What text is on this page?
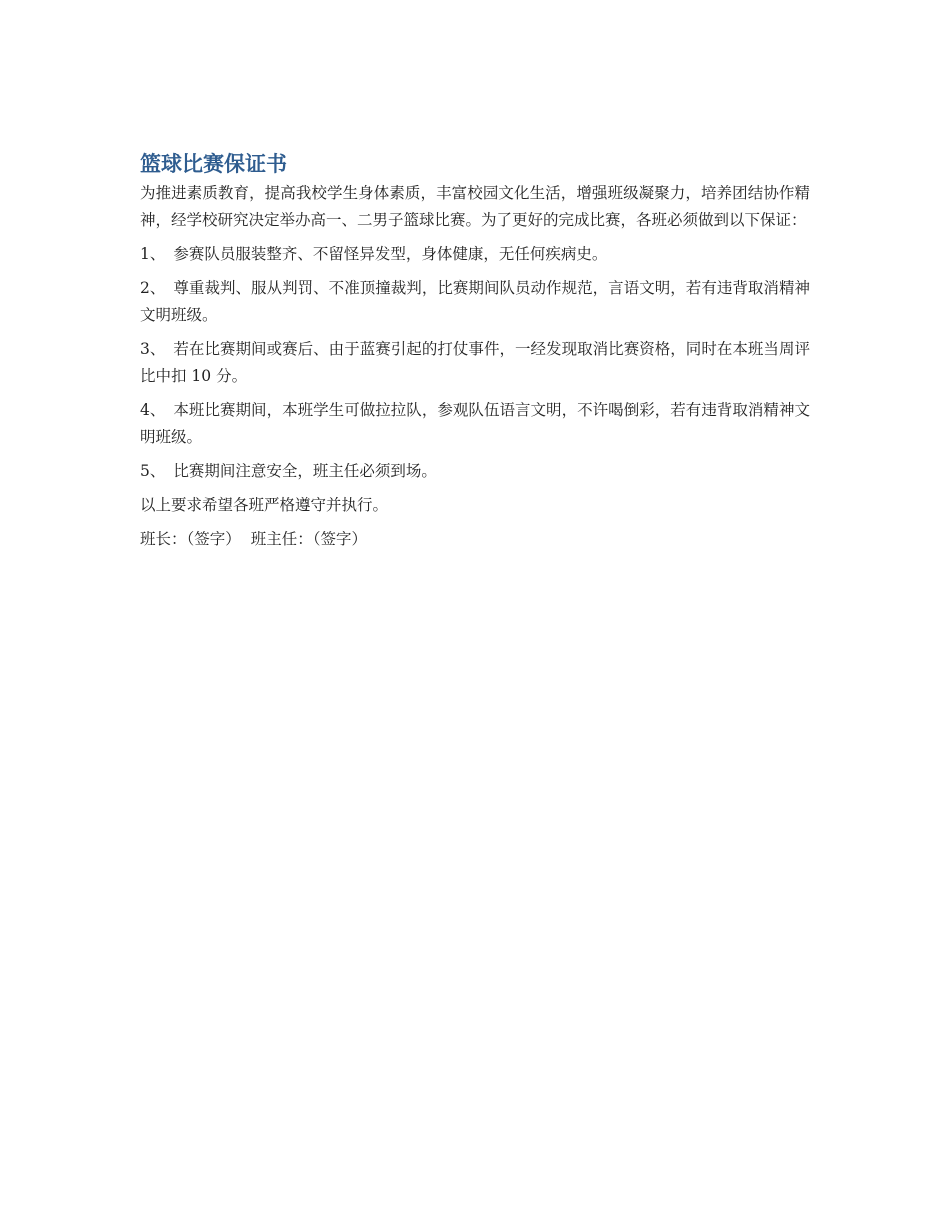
篮球比赛保证书

为推进素质教育，提高我校学生身体素质，丰富校园文化生活，增强班级凝聚力，培养团结协作精神，经学校研究决定举办高一、二男子篮球比赛。为了更好的完成比赛，各班必须做到以下保证：

1、 参赛队员服装整齐、不留怪异发型，身体健康，无任何疾病史。

2、 尊重裁判、服从判罚、不准顶撞裁判，比赛期间队员动作规范，言语文明，若有违背取消精神文明班级。

3、 若在比赛期间或赛后、由于蓝赛引起的打仗事件，一经发现取消比赛资格，同时在本班当周评比中扣 10 分。

4、 本班比赛期间，本班学生可做拉拉队，参观队伍语言文明，不许喝倒彩，若有违背取消精神文明班级。

5、 比赛期间注意安全，班主任必须到场。

以上要求希望各班严格遵守并执行。

班长：（签字） 班主任：（签字）
